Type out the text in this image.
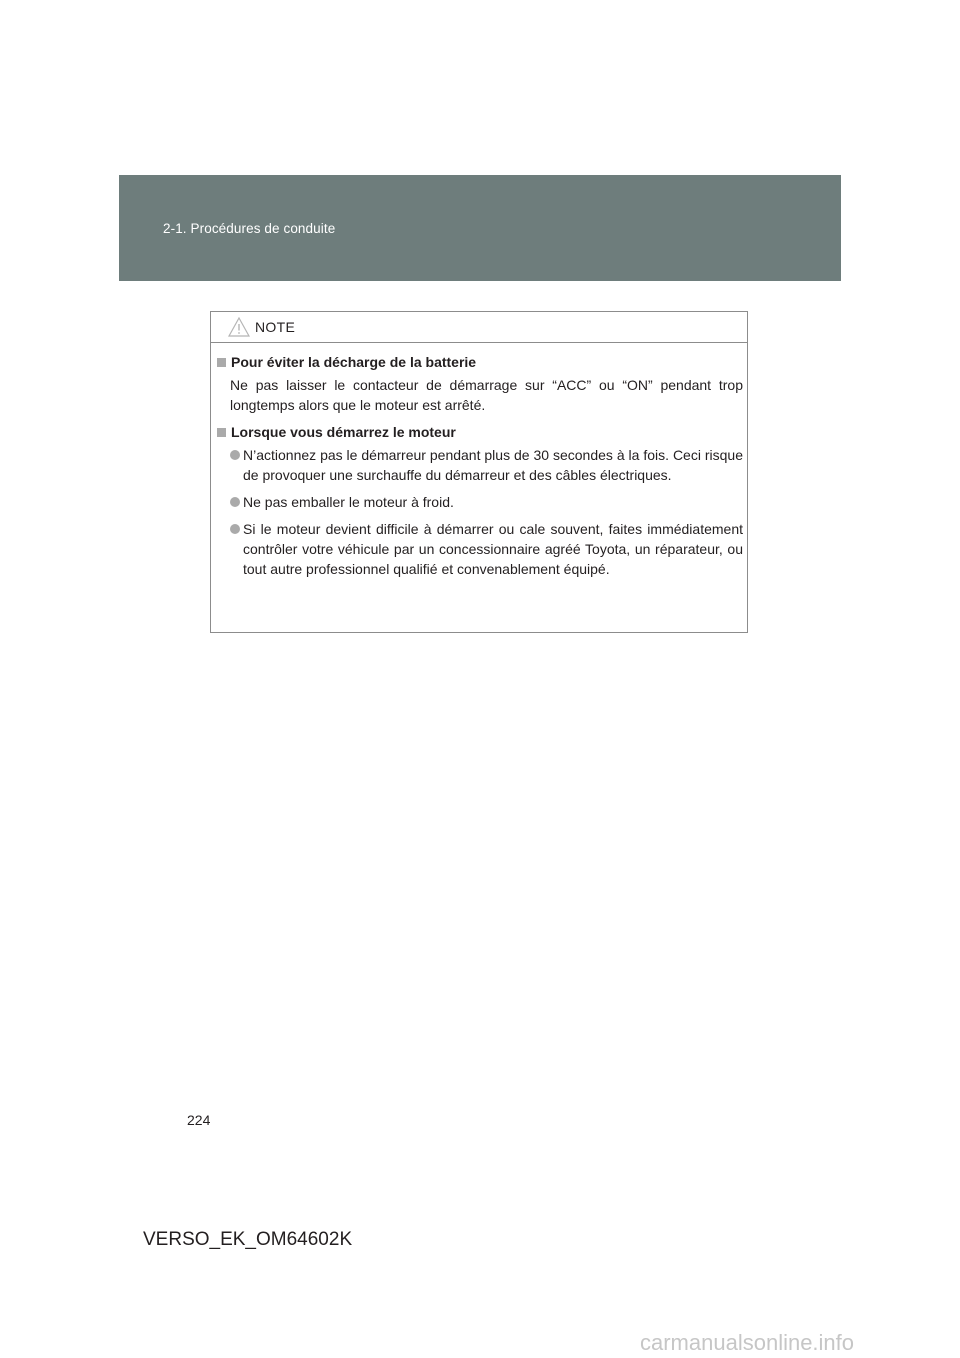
2-1. Procédures de conduite
NOTE
Pour éviter la décharge de la batterie
Ne pas laisser le contacteur de démarrage sur “ACC” ou “ON” pendant trop longtemps alors que le moteur est arrêté.
Lorsque vous démarrez le moteur
N’actionnez pas le démarreur pendant plus de 30 secondes à la fois. Ceci risque de provoquer une surchauffe du démarreur et des câbles électriques.
Ne pas emballer le moteur à froid.
Si le moteur devient difficile à démarrer ou cale souvent, faites immédiatement contrôler votre véhicule par un concessionnaire agréé Toyota, un réparateur, ou tout autre professionnel qualifié et convenablement équipé.
224
VERSO_EK_OM64602K
carmanualsonline.info
